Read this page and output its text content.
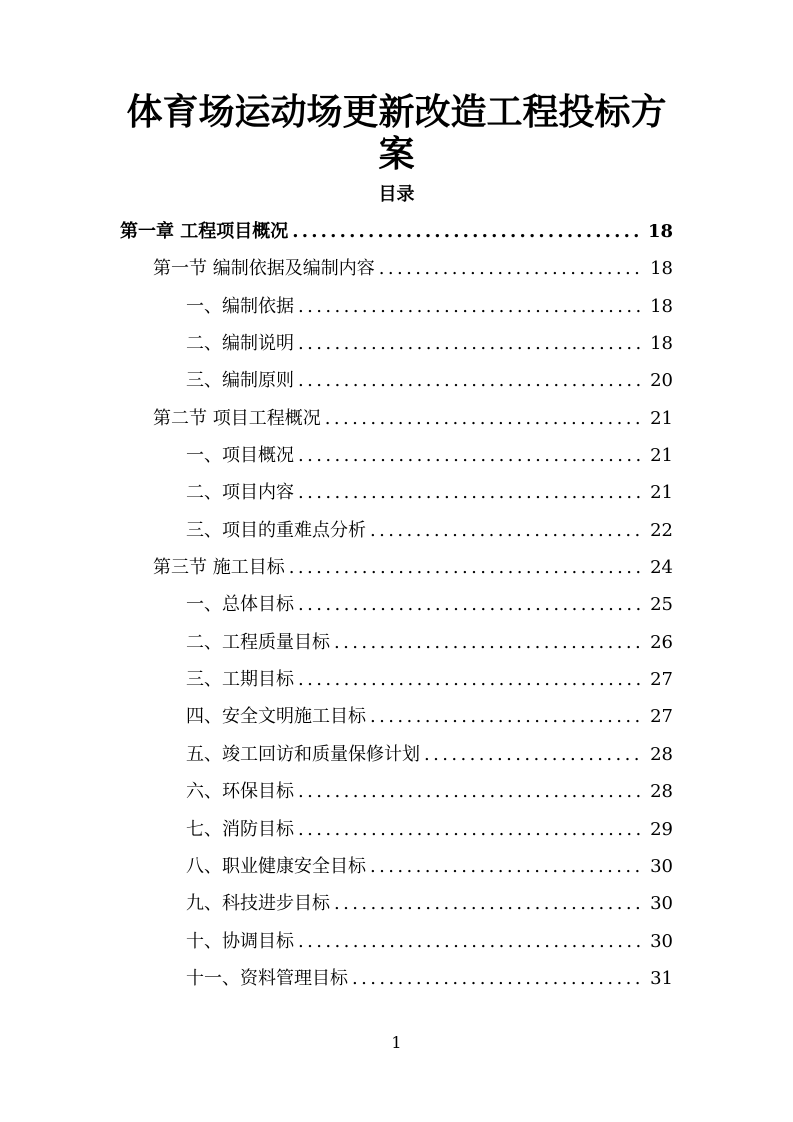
体育场运动场更新改造工程投标方
案
目录
第一章 工程项目概况 .....	18
第一节 编制依据及编制内容 .....	18
一、编制依据 .....	18
二、编制说明 .....	18
三、编制原则 .....	20
第二节 项目工程概况 .....	21
一、项目概况 .....	21
二、项目内容 .....	21
三、项目的重难点分析 .....	22
第三节 施工目标 .....	24
一、总体目标 .....	25
二、工程质量目标 .....	26
三、工期目标 .....	27
四、安全文明施工目标 .....	27
五、竣工回访和质量保修计划 .....	28
六、环保目标 .....	28
七、消防目标 .....	29
八、职业健康安全目标 .....	30
九、科技进步目标 .....	30
十、协调目标 .....	30
十一、资料管理目标 .....	31
1
